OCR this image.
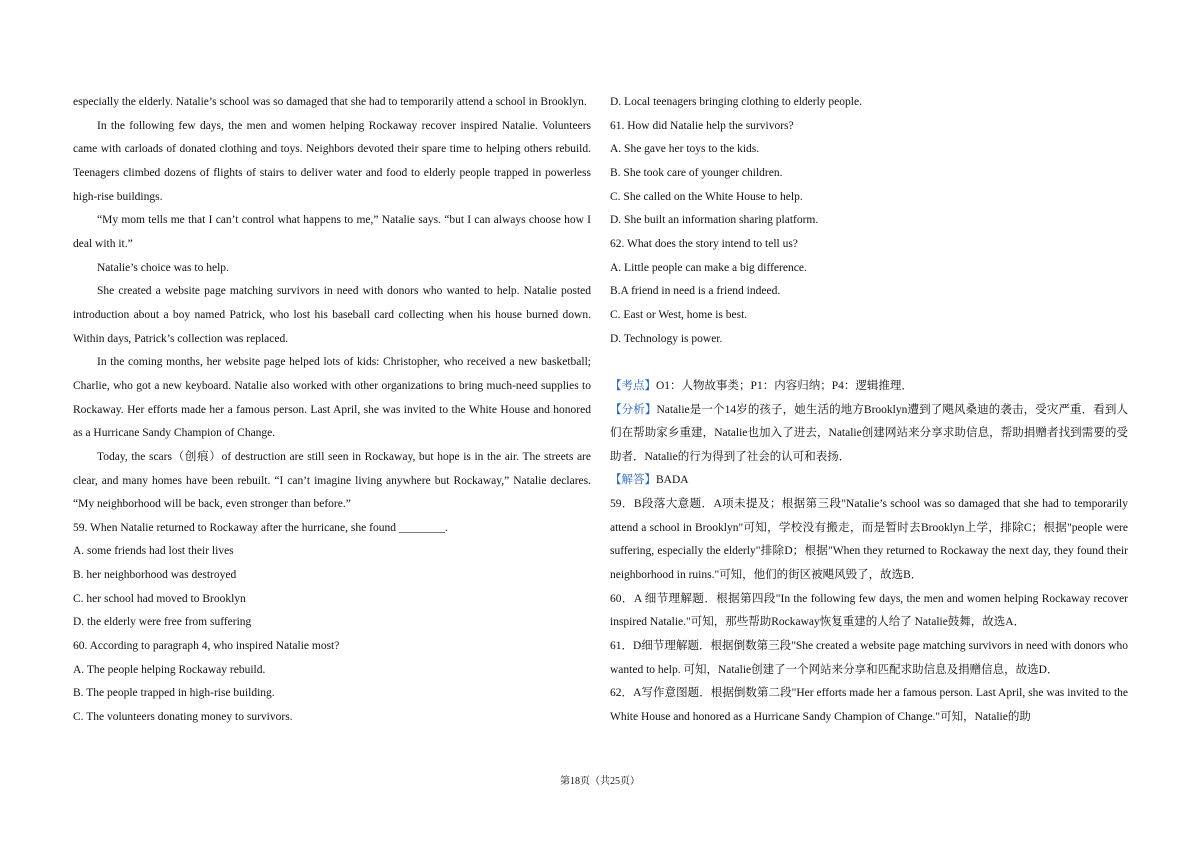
especially the elderly. Natalie’s school was so damaged that she had to temporarily attend a school in Brooklyn.

In the following few days, the men and women helping Rockaway recover inspired Natalie. Volunteers came with carloads of donated clothing and toys. Neighbors devoted their spare time to helping others rebuild. Teenagers climbed dozens of flights of stairs to deliver water and food to elderly people trapped in powerless high-rise buildings.

“My mom tells me that I can’t control what happens to me,” Natalie says. “but I can always choose how I deal with it.”

Natalie’s choice was to help.

She created a website page matching survivors in need with donors who wanted to help. Natalie posted introduction about a boy named Patrick, who lost his baseball card collecting when his house burned down. Within days, Patrick’s collection was replaced.

In the coming months, her website page helped lots of kids: Christopher, who received a new basketball; Charlie, who got a new keyboard. Natalie also worked with other organizations to bring much-need supplies to Rockaway. Her efforts made her a famous person. Last April, she was invited to the White House and honored as a Hurricane Sandy Champion of Change.

Today, the scars（创痕）of destruction are still seen in Rockaway, but hope is in the air. The streets are clear, and many homes have been rebuilt. “I can’t imagine living anywhere but Rockaway,” Natalie declares. “My neighborhood will be back, even stronger than before.”

59. When Natalie returned to Rockaway after the hurricane, she found ________.

A. some friends had lost their lives

B. her neighborhood was destroyed

C. her school had moved to Brooklyn

D. the elderly were free from suffering

60. According to paragraph 4, who inspired Natalie most?

A. The people helping Rockaway rebuild.

B. The people trapped in high-rise building.

C. The volunteers donating money to survivors.

D. Local teenagers bringing clothing to elderly people.

61. How did Natalie help the survivors?

A. She gave her toys to the kids.

B. She took care of younger children.

C. She called on the White House to help.

D. She built an information sharing platform.

62. What does the story intend to tell us?

A. Little people can make a big difference.

B.A friend in need is a friend indeed.

C. East or West, home is best.

D. Technology is power.

【考点】O1：人物故事类；P1：内容归纳；P4：逻辑推理．

【分析】Natalie是一个14岁的孩子，她生活的地方Brooklyn遭到了飓风桑迪的袭击，受灾严重．看到人们在帮助家乡重建，Natalie也加入了进去，Natalie创建网站来分享求助信息，帮助捐赠者找到需要的受助者．Natalie的行为得到了社会的认可和表扬．

【解答】BADA

59．B段落大意题．A项未提及；根据第三段"Natalie’s school was so damaged that she had to temporarily attend a school in Brooklyn"可知，学校没有搬走，而是暂时去Brooklyn上学，排除C；根据"people were suffering, especially the elderly"排除D；根据"When they returned to Rockaway the next day, they found their neighborhood in ruins."可知，他们的街区被飓风毁了，故选B．

60．A 细节理解题．根据第四段"In the following few days, the men and women helping Rockaway recover inspired Natalie."可知，那些帮助Rockaway恢复重建的人给了 Natalie鼓舞，故选A．

61．D细节理解题．根据倒数第三段"She created a website page matching survivors in need with donors who wanted to help. 可知，Natalie创建了一个网站来分享和匹配求助信息及捐赠信息，故选D．

62．A写作意图题．根据倒数第二段"Her efforts made her a famous person. Last April, she was invited to the White House and honored as a Hurricane Sandy Champion of Change."可知，Natalie的助

第18页（共25页）
